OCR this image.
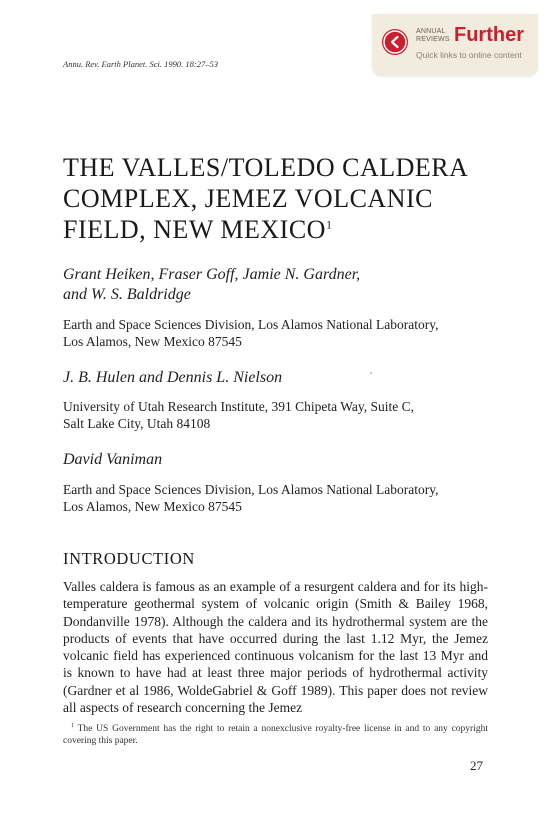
ANNUAL REVIEWS Further
Quick links to online content
Annu. Rev. Earth Planet. Sci. 1990. 18:27–53
THE VALLES/TOLEDO CALDERA COMPLEX, JEMEZ VOLCANIC FIELD, NEW MEXICO$^1$
Grant Heiken, Fraser Goff, Jamie N. Gardner,
and W. S. Baldridge
Earth and Space Sciences Division, Los Alamos National Laboratory,
Los Alamos, New Mexico 87545
J. B. Hulen and Dennis L. Nielson
University of Utah Research Institute, 391 Chipeta Way, Suite C,
Salt Lake City, Utah 84108
David Vaniman
Earth and Space Sciences Division, Los Alamos National Laboratory,
Los Alamos, New Mexico 87545
INTRODUCTION
Valles caldera is famous as an example of a resurgent caldera and for its high-temperature geothermal system of volcanic origin (Smith & Bailey 1968, Dondanville 1978). Although the caldera and its hydrothermal system are the products of events that have occurred during the last 1.12 Myr, the Jemez volcanic field has experienced continuous volcanism for the last 13 Myr and is known to have had at least three major periods of hydrothermal activity (Gardner et al 1986, WoldeGabriel & Goff 1989). This paper does not review all aspects of research concerning the Jemez
$^1$ The US Government has the right to retain a nonexclusive royalty-free license in and to any copyright covering this paper.
27
